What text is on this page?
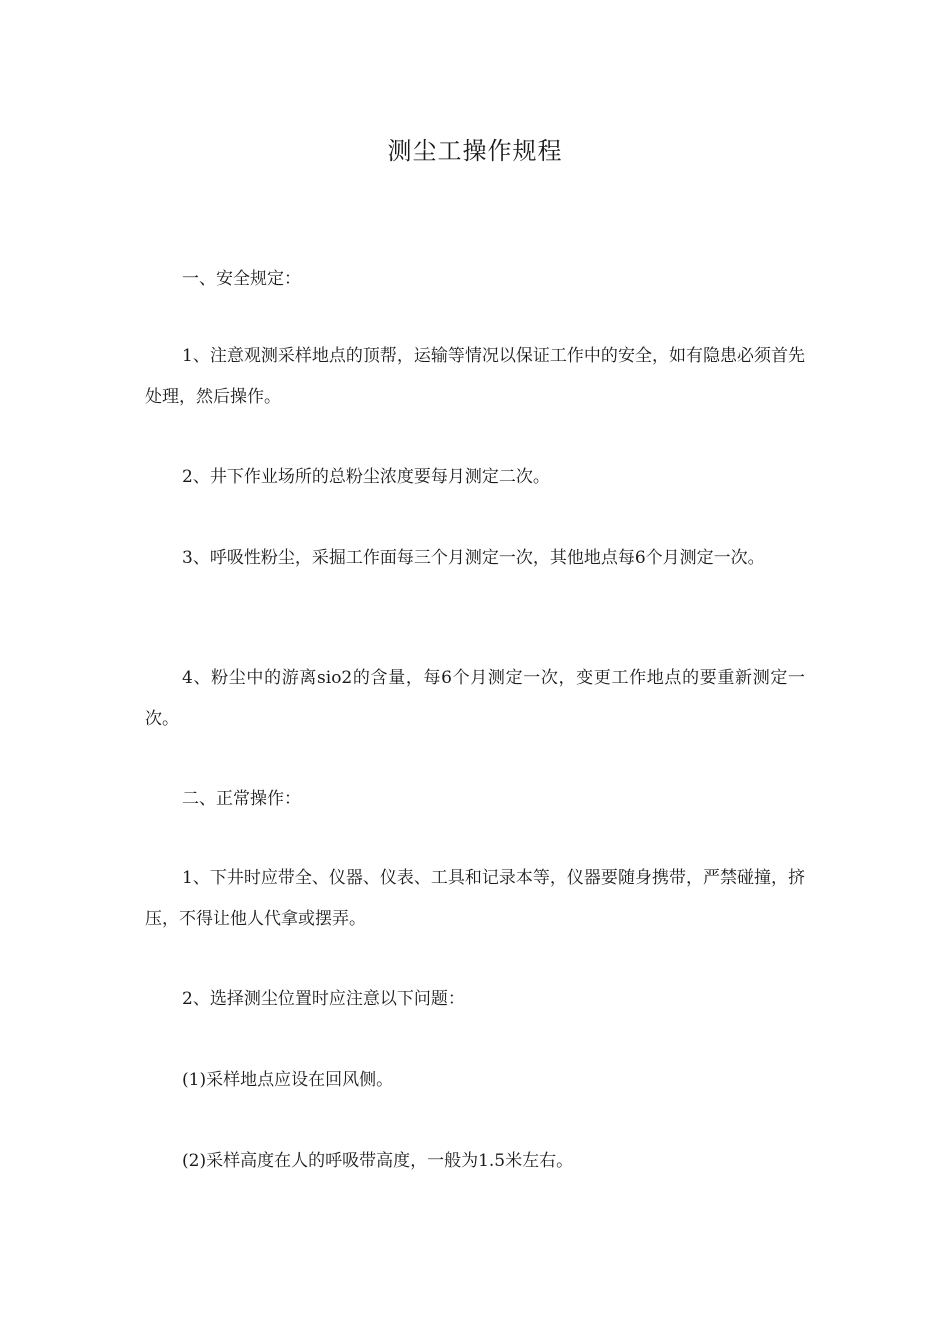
测尘工操作规程
一、安全规定：
1、注意观测采样地点的顶帮，运输等情况以保证工作中的安全，如有隐患必须首先处理，然后操作。
2、井下作业场所的总粉尘浓度要每月测定二次。
3、呼吸性粉尘，采掘工作面每三个月测定一次，其他地点每6个月测定一次。
4、粉尘中的游离sio2的含量，每6个月测定一次，变更工作地点的要重新测定一次。
二、正常操作：
1、下井时应带全、仪器、仪表、工具和记录本等，仪器要随身携带，严禁碰撞，挤压，不得让他人代拿或摆弄。
2、选择测尘位置时应注意以下问题：
(1)采样地点应设在回风侧。
(2)采样高度在人的呼吸带高度，一般为1.5米左右。
